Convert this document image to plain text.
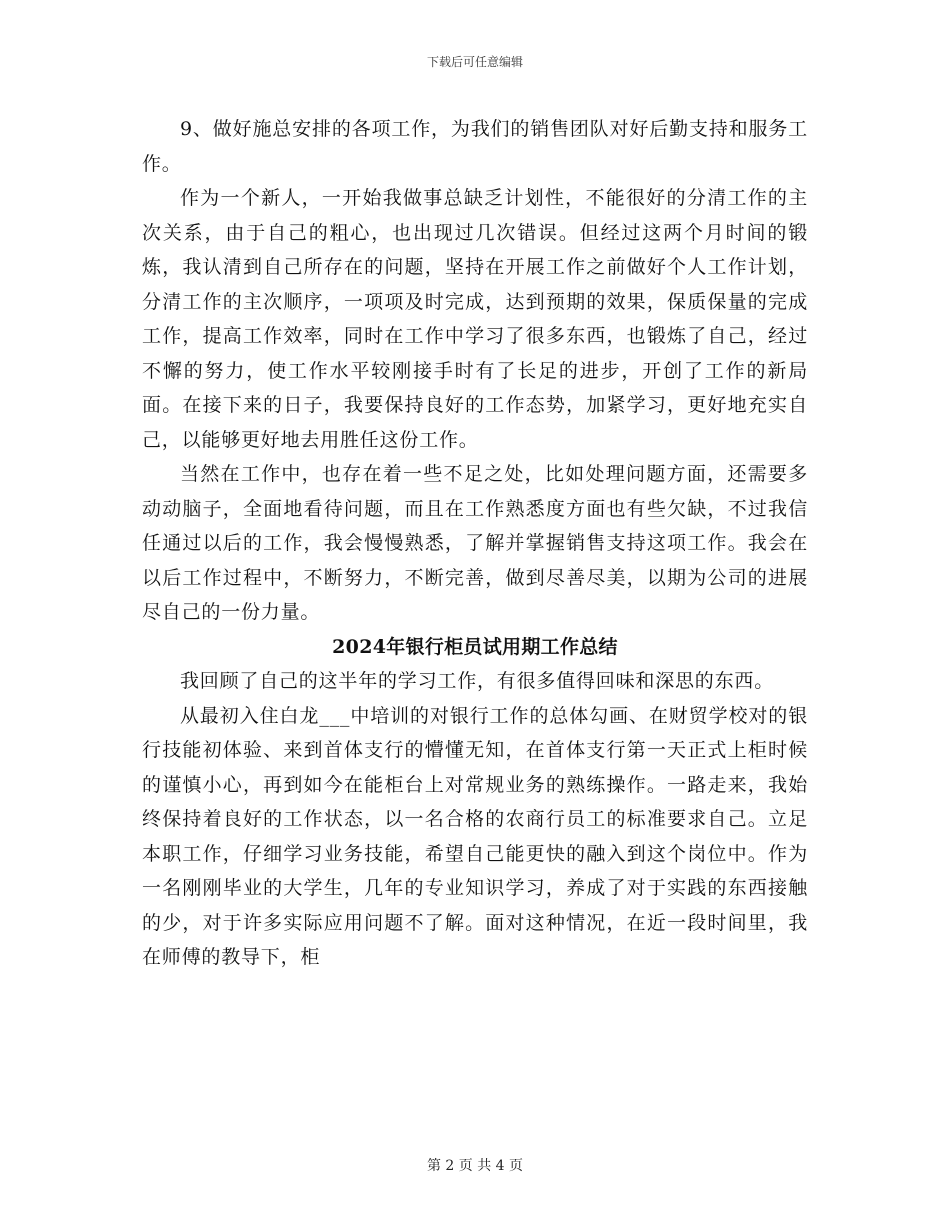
下载后可任意编辑

9、做好施总安排的各项工作，为我们的销售团队对好后勤支持和服务工作。

作为一个新人，一开始我做事总缺乏计划性，不能很好的分清工作的主次关系，由于自己的粗心，也出现过几次错误。但经过这两个月时间的锻炼，我认清到自己所存在的问题，坚持在开展工作之前做好个人工作计划，分清工作的主次顺序，一项项及时完成，达到预期的效果，保质保量的完成工作，提高工作效率，同时在工作中学习了很多东西，也锻炼了自己，经过不懈的努力，使工作水平较刚接手时有了长足的进步，开创了工作的新局面。在接下来的日子，我要保持良好的工作态势，加紧学习，更好地充实自己，以能够更好地去用胜任这份工作。

当然在工作中，也存在着一些不足之处，比如处理问题方面，还需要多动动脑子，全面地看待问题，而且在工作熟悉度方面也有些欠缺，不过我信任通过以后的工作，我会慢慢熟悉，了解并掌握销售支持这项工作。我会在以后工作过程中，不断努力，不断完善，做到尽善尽美，以期为公司的进展尽自己的一份力量。

2024年银行柜员试用期工作总结

我回顾了自己的这半年的学习工作，有很多值得回味和深思的东西。

从最初入住白龙___中培训的对银行工作的总体勾画、在财贸学校对的银行技能初体验、来到首体支行的懵懂无知，在首体支行第一天正式上柜时候的谨慎小心，再到如今在能柜台上对常规业务的熟练操作。一路走来，我始终保持着良好的工作状态，以一名合格的农商行员工的标准要求自己。立足本职工作，仔细学习业务技能，希望自己能更快的融入到这个岗位中。作为一名刚刚毕业的大学生，几年的专业知识学习，养成了对于实践的东西接触的少，对于许多实际应用问题不了解。面对这种情况，在近一段时间里，我在师傅的教导下，柜

第 2 页 共 4 页
